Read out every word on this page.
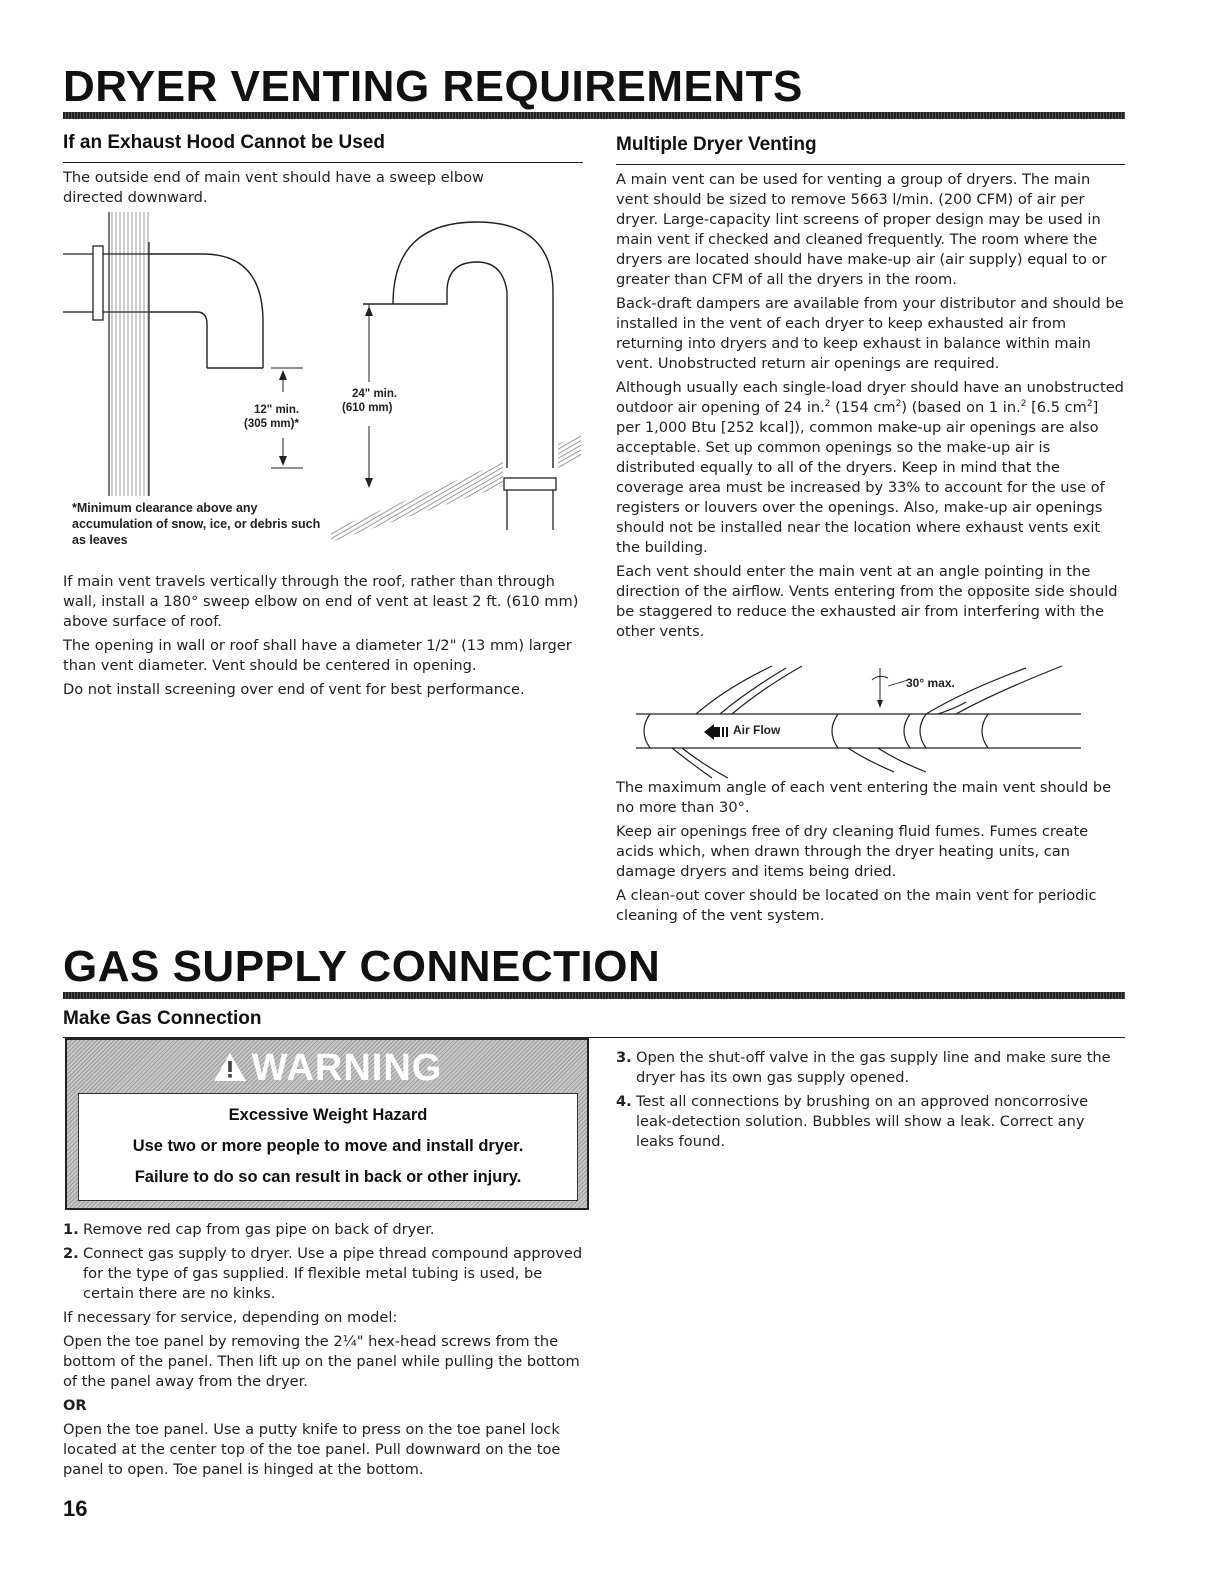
DRYER VENTING REQUIREMENTS
If an Exhaust Hood Cannot be Used
The outside end of main vent should have a sweep elbow directed downward.
12" min.
(305 mm)*
24" min.
(610 mm)
*Minimum clearance above any accumulation of snow, ice, or debris such as leaves
If main vent travels vertically through the roof, rather than through wall, install a 180° sweep elbow on end of vent at least 2 ft. (610 mm) above surface of roof.
The opening in wall or roof shall have a diameter 1/2" (13 mm) larger than vent diameter. Vent should be centered in opening.
Do not install screening over end of vent for best performance.
Multiple Dryer Venting
A main vent can be used for venting a group of dryers. The main vent should be sized to remove 5663 l/min. (200 CFM) of air per dryer. Large-capacity lint screens of proper design may be used in main vent if checked and cleaned frequently. The room where the dryers are located should have make-up air (air supply) equal to or greater than CFM of all the dryers in the room.
Back-draft dampers are available from your distributor and should be installed in the vent of each dryer to keep exhausted air from returning into dryers and to keep exhaust in balance within main vent. Unobstructed return air openings are required.
Although usually each single-load dryer should have an unobstructed outdoor air opening of 24 in.$^2$ (154 $cm^2$) (based on 1 in.$^2$ [6.5 $cm^2$] per 1,000 Btu [252 kcal]), common make-up air openings are also acceptable. Set up common openings so the make-up air is distributed equally to all of the dryers. Keep in mind that the coverage area must be increased by 33% to account for the use of registers or louvers over the openings. Also, make-up air openings should not be installed near the location where exhaust vents exit the building.
Each vent should enter the main vent at an angle pointing in the direction of the airflow. Vents entering from the opposite side should be staggered to reduce the exhausted air from interfering with the other vents.
30° max.
Air Flow
The maximum angle of each vent entering the main vent should be no more than 30°.
Keep air openings free of dry cleaning fluid fumes. Fumes create acids which, when drawn through the dryer heating units, can damage dryers and items being dried.
A clean-out cover should be located on the main vent for periodic cleaning of the vent system.
GAS SUPPLY CONNECTION
Make Gas Connection
WARNING
Excessive Weight Hazard
Use two or more people to move and install dryer.
Failure to do so can result in back or other injury.
1. Remove red cap from gas pipe on back of dryer.
2. Connect gas supply to dryer. Use a pipe thread compound approved for the type of gas supplied. If flexible metal tubing is used, be certain there are no kinks.
If necessary for service, depending on model:
Open the toe panel by removing the 2¼" hex-head screws from the bottom of the panel. Then lift up on the panel while pulling the bottom of the panel away from the dryer.
OR
Open the toe panel. Use a putty knife to press on the toe panel lock located at the center top of the toe panel. Pull downward on the toe panel to open. Toe panel is hinged at the bottom.
3. Open the shut-off valve in the gas supply line and make sure the dryer has its own gas supply opened.
4. Test all connections by brushing on an approved noncorrosive leak-detection solution. Bubbles will show a leak. Correct any leaks found.
16
